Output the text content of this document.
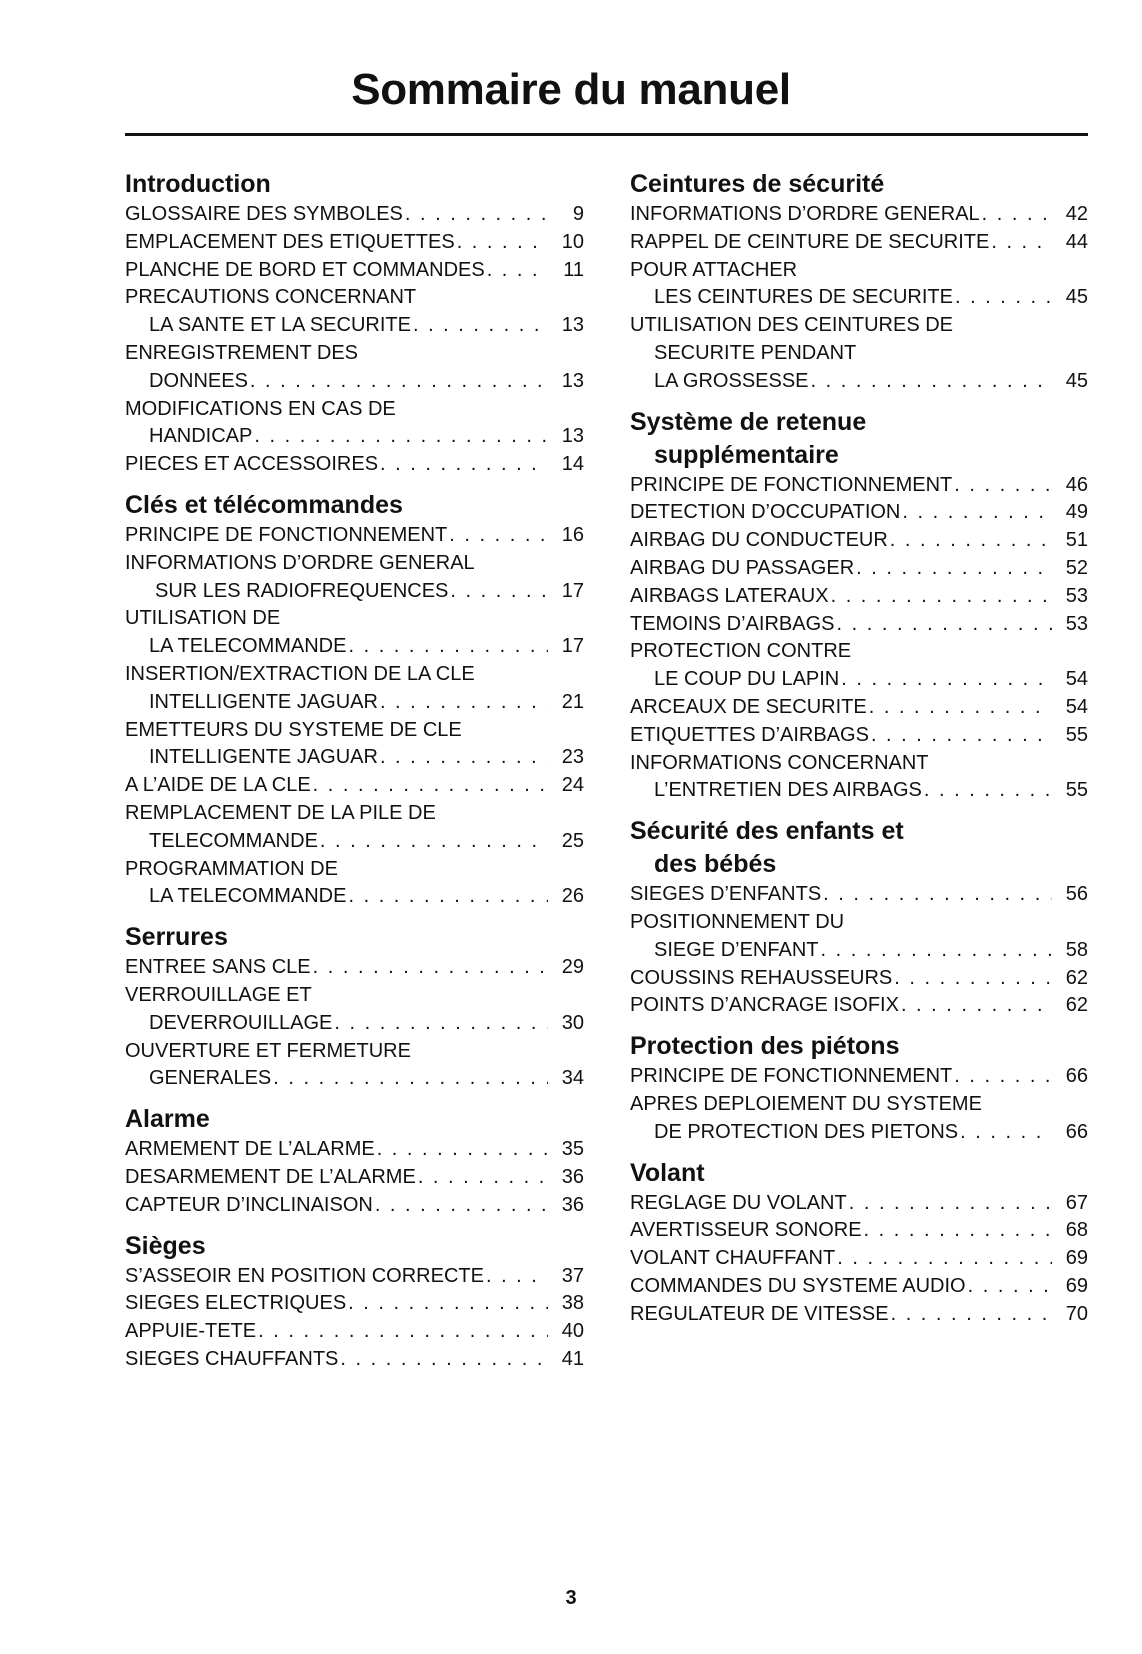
Sommaire du manuel
Introduction
GLOSSAIRE DES SYMBOLES . . .	9
EMPLACEMENT DES ETIQUETTES . . .	10
PLANCHE DE BORD ET COMMANDES . . .	11
PRECAUTIONS CONCERNANT
LA SANTE ET LA SECURITE . . .	13
ENREGISTREMENT DES
DONNEES . . .	13
MODIFICATIONS EN CAS DE
HANDICAP . . .	13
PIECES ET ACCESSOIRES . . .	14
Clés et télécommandes
PRINCIPE DE FONCTIONNEMENT . . .	16
INFORMATIONS D’ORDRE GENERAL
SUR LES RADIOFREQUENCES . . .	17
UTILISATION DE
LA TELECOMMANDE . . .	17
INSERTION/EXTRACTION DE LA CLE
INTELLIGENTE JAGUAR . . .	21
EMETTEURS DU SYSTEME DE CLE
INTELLIGENTE JAGUAR . . .	23
A L’AIDE DE LA CLE . . .	24
REMPLACEMENT DE LA PILE DE
TELECOMMANDE . . .	25
PROGRAMMATION DE
LA TELECOMMANDE . . .	26
Serrures
ENTREE SANS CLE . . .	29
VERROUILLAGE ET
DEVERROUILLAGE . . .	30
OUVERTURE ET FERMETURE
GENERALES . . .	34
Alarme
ARMEMENT DE L’ALARME . . .	35
DESARMEMENT DE L’ALARME . . .	36
CAPTEUR D’INCLINAISON . . .	36
Sièges
S’ASSEOIR EN POSITION CORRECTE . . .	37
SIEGES ELECTRIQUES . . .	38
APPUIE-TETE . . .	40
SIEGES CHAUFFANTS . . .	41
Ceintures de sécurité
INFORMATIONS D’ORDRE GENERAL . . .	42
RAPPEL DE CEINTURE DE SECURITE . . .	44
POUR ATTACHER
LES CEINTURES DE SECURITE . . .	45
UTILISATION DES CEINTURES DE
SECURITE PENDANT
LA GROSSESSE . . .	45
Système de retenue
supplémentaire
PRINCIPE DE FONCTIONNEMENT . . .	46
DETECTION D’OCCUPATION . . .	49
AIRBAG DU CONDUCTEUR . . .	51
AIRBAG DU PASSAGER . . .	52
AIRBAGS LATERAUX . . .	53
TEMOINS D’AIRBAGS . . .	53
PROTECTION CONTRE
LE COUP DU LAPIN . . .	54
ARCEAUX DE SECURITE . . .	54
ETIQUETTES D’AIRBAGS . . .	55
INFORMATIONS CONCERNANT
L’ENTRETIEN DES AIRBAGS . . .	55
Sécurité des enfants et
des bébés
SIEGES D’ENFANTS . . .	56
POSITIONNEMENT DU
SIEGE D’ENFANT . . .	58
COUSSINS REHAUSSEURS . . .	62
POINTS D’ANCRAGE ISOFIX . . .	62
Protection des piétons
PRINCIPE DE FONCTIONNEMENT . . .	66
APRES DEPLOIEMENT DU SYSTEME
DE PROTECTION DES PIETONS . . .	66
Volant
REGLAGE DU VOLANT . . .	67
AVERTISSEUR SONORE . . .	68
VOLANT CHAUFFANT . . .	69
COMMANDES DU SYSTEME AUDIO . . .	69
REGULATEUR DE VITESSE . . .	70
3
